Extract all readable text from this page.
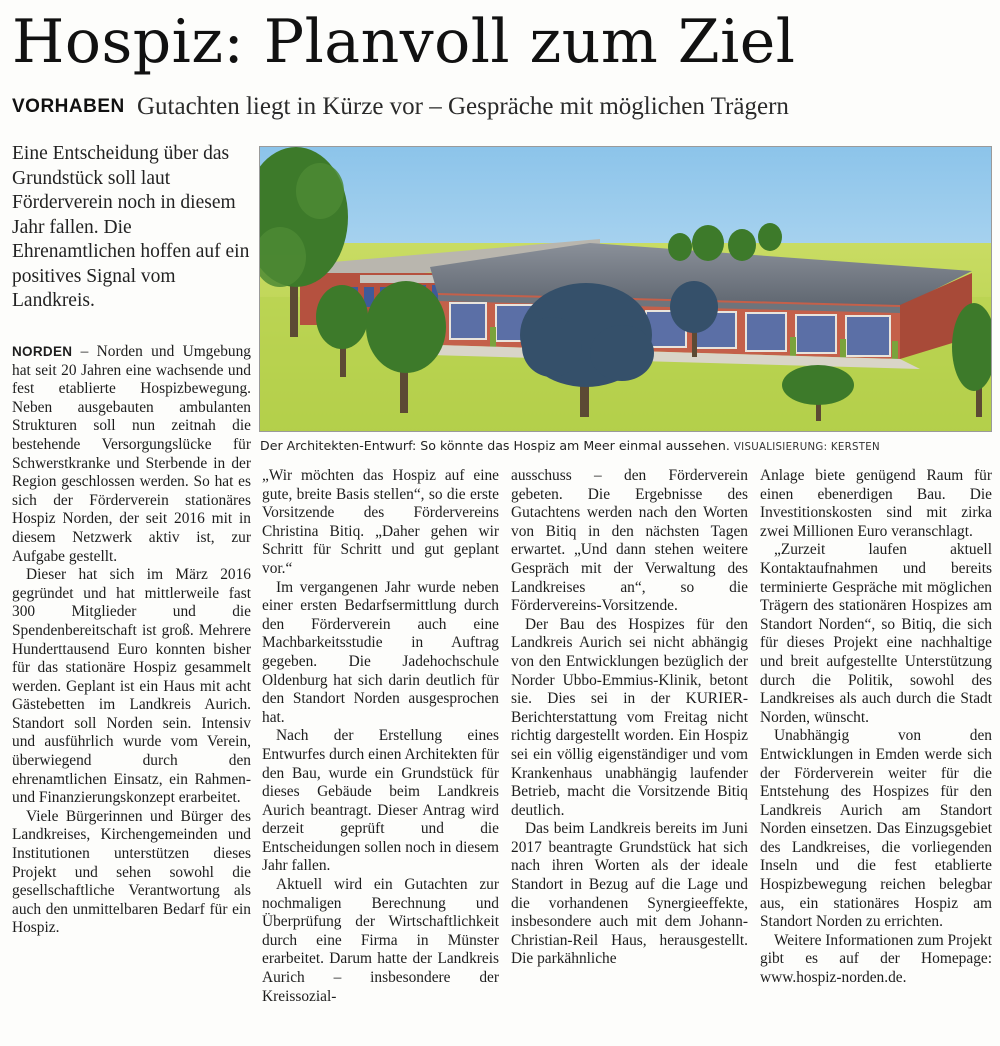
Hospiz: Planvoll zum Ziel
VORHABEN Gutachten liegt in Kürze vor – Gespräche mit möglichen Trägern

Eine Entscheidung über das Grundstück soll laut Förderverein noch in diesem Jahr fallen. Die Ehrenamtlichen hoffen auf ein positives Signal vom Landkreis.

Der Architekten-Entwurf: So könnte das Hospiz am Meer einmal aussehen. VISUALISIERUNG: KERSTEN

NORDEN – Norden und Umgebung hat seit 20 Jahren eine wachsende und fest etablierte Hospizbewegung. Neben ausgebauten ambulanten Strukturen soll nun zeitnah die bestehende Versorgungslücke für Schwerstkranke und Sterbende in der Region geschlossen werden. So hat es sich der Förderverein stationäres Hospiz Norden, der seit 2016 mit in diesem Netzwerk aktiv ist, zur Aufgabe gestellt.

Dieser hat sich im März 2016 gegründet und hat mittlerweile fast 300 Mitglieder und die Spendenbereitschaft ist groß. Mehrere Hunderttausend Euro konnten bisher für das stationäre Hospiz gesammelt werden. Geplant ist ein Haus mit acht Gästebetten im Landkreis Aurich. Standort soll Norden sein. Intensiv und ausführlich wurde vom Verein, überwiegend durch den ehrenamtlichen Einsatz, ein Rahmen- und Finanzierungskonzept erarbeitet.

Viele Bürgerinnen und Bürger des Landkreises, Kirchengemeinden und Institutionen unterstützen dieses Projekt und sehen sowohl die gesellschaftliche Verantwortung als auch den unmittelbaren Bedarf für ein Hospiz.

„Wir möchten das Hospiz auf eine gute, breite Basis stellen“, so die erste Vorsitzende des Fördervereins Christina Bitiq. „Daher gehen wir Schritt für Schritt und gut geplant vor.“

Im vergangenen Jahr wurde neben einer ersten Bedarfsermittlung durch den Förderverein auch eine Machbarkeitsstudie in Auftrag gegeben. Die Jadehochschule Oldenburg hat sich darin deutlich für den Standort Norden ausgesprochen hat.

Nach der Erstellung eines Entwurfes durch einen Architekten für den Bau, wurde ein Grundstück für dieses Gebäude beim Landkreis Aurich beantragt. Dieser Antrag wird derzeit geprüft und die Entscheidungen sollen noch in diesem Jahr fallen.

Aktuell wird ein Gutachten zur nochmaligen Berechnung und Überprüfung der Wirtschaftlichkeit durch eine Firma in Münster erarbeitet. Darum hatte der Landkreis Aurich – insbesondere der Kreissozial-

ausschuss – den Förderverein gebeten. Die Ergebnisse des Gutachtens werden nach den Worten von Bitiq in den nächsten Tagen erwartet. „Und dann stehen weitere Gespräch mit der Verwaltung des Landkreises an“, so die Fördervereins-Vorsitzende.

Der Bau des Hospizes für den Landkreis Aurich sei nicht abhängig von den Entwicklungen bezüglich der Norder Ubbo-Emmius-Klinik, betont sie. Dies sei in der KURIER-Berichterstattung vom Freitag nicht richtig dargestellt worden. Ein Hospiz sei ein völlig eigenständiger und vom Krankenhaus unabhängig laufender Betrieb, macht die Vorsitzende Bitiq deutlich.

Das beim Landkreis bereits im Juni 2017 beantragte Grundstück hat sich nach ihren Worten als der ideale Standort in Bezug auf die Lage und die vorhandenen Synergieeffekte, insbesondere auch mit dem Johann-Christian-Reil Haus, herausgestellt. Die parkähnliche

Anlage biete genügend Raum für einen ebenerdigen Bau. Die Investitionskosten sind mit zirka zwei Millionen Euro veranschlagt.

„Zurzeit laufen aktuell Kontaktaufnahmen und bereits terminierte Gespräche mit möglichen Trägern des stationären Hospizes am Standort Norden“, so Bitiq, die sich für dieses Projekt eine nachhaltige und breit aufgestellte Unterstützung durch die Politik, sowohl des Landkreises als auch durch die Stadt Norden, wünscht.

Unabhängig von den Entwicklungen in Emden werde sich der Förderverein weiter für die Entstehung des Hospizes für den Landkreis Aurich am Standort Norden einsetzen. Das Einzugsgebiet des Landkreises, die vorliegenden Inseln und die fest etablierte Hospizbewegung reichen belegbar aus, ein stationäres Hospiz am Standort Norden zu errichten.

Weitere Informationen zum Projekt gibt es auf der Homepage: www.hospiz-norden.de.
